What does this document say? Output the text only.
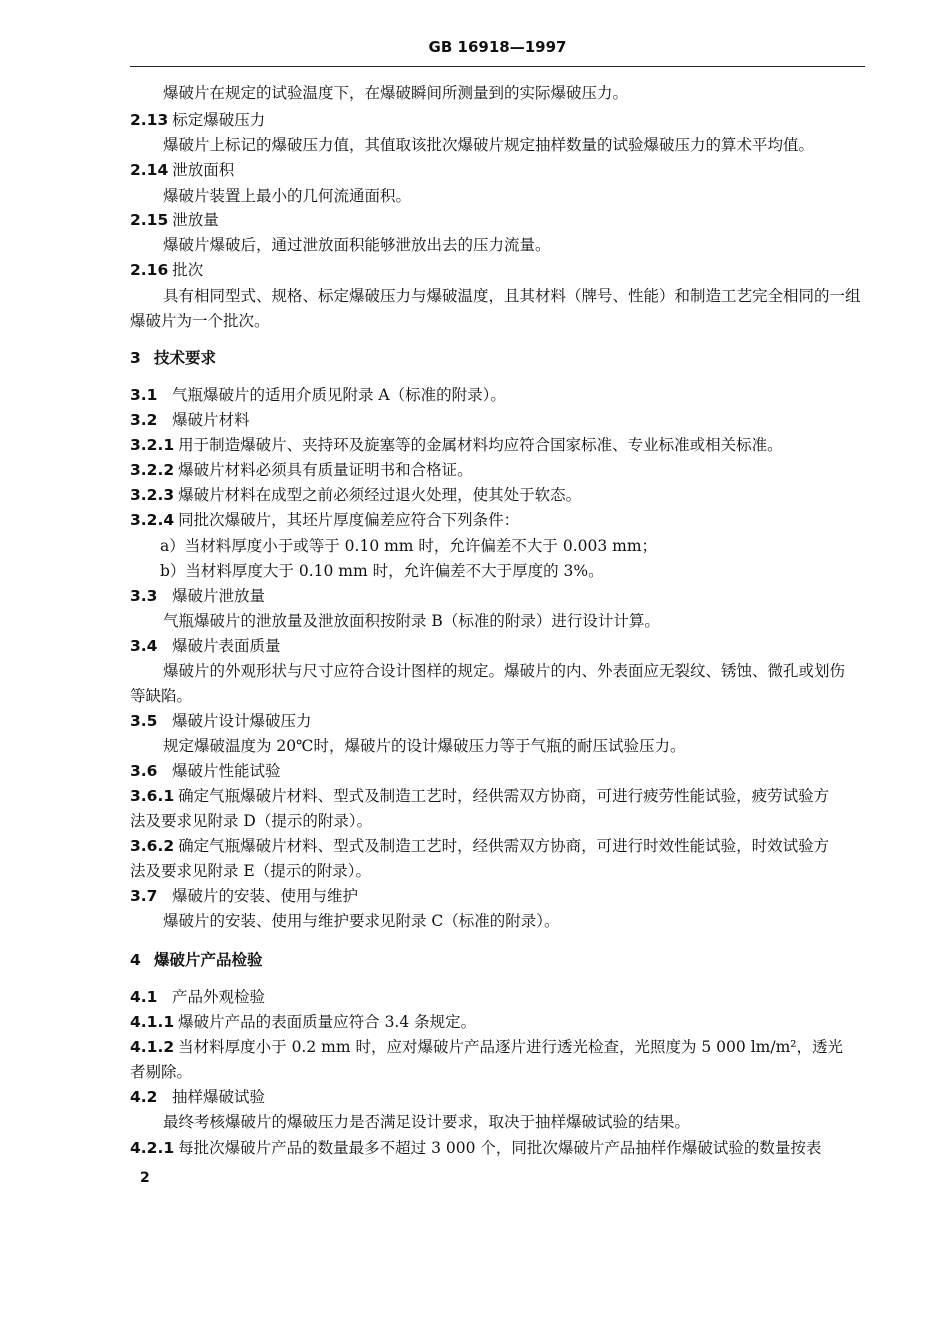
GB 16918—1997
爆破片在规定的试验温度下，在爆破瞬间所测量到的实际爆破压力。
2.13 标定爆破压力
爆破片上标记的爆破压力值，其值取该批次爆破片规定抽样数量的试验爆破压力的算术平均值。
2.14 泄放面积
爆破片装置上最小的几何流通面积。
2.15 泄放量
爆破片爆破后，通过泄放面积能够泄放出去的压力流量。
2.16 批次
具有相同型式、规格、标定爆破压力与爆破温度，且其材料（牌号、性能）和制造工艺完全相同的一组
爆破片为一个批次。
3 技术要求
3.1 气瓶爆破片的适用介质见附录 A（标准的附录）。
3.2 爆破片材料
3.2.1 用于制造爆破片、夹持环及旋塞等的金属材料均应符合国家标准、专业标准或相关标准。
3.2.2 爆破片材料必须具有质量证明书和合格证。
3.2.3 爆破片材料在成型之前必须经过退火处理，使其处于软态。
3.2.4 同批次爆破片，其坯片厚度偏差应符合下列条件：
a）当材料厚度小于或等于 0.10 mm 时，允许偏差不大于 0.003 mm；
b）当材料厚度大于 0.10 mm 时，允许偏差不大于厚度的 3%。
3.3 爆破片泄放量
气瓶爆破片的泄放量及泄放面积按附录 B（标准的附录）进行设计计算。
3.4 爆破片表面质量
爆破片的外观形状与尺寸应符合设计图样的规定。爆破片的内、外表面应无裂纹、锈蚀、微孔或划伤
等缺陷。
3.5 爆破片设计爆破压力
规定爆破温度为 20℃时，爆破片的设计爆破压力等于气瓶的耐压试验压力。
3.6 爆破片性能试验
3.6.1 确定气瓶爆破片材料、型式及制造工艺时，经供需双方协商，可进行疲劳性能试验，疲劳试验方
法及要求见附录 D（提示的附录）。
3.6.2 确定气瓶爆破片材料、型式及制造工艺时，经供需双方协商，可进行时效性能试验，时效试验方
法及要求见附录 E（提示的附录）。
3.7 爆破片的安装、使用与维护
爆破片的安装、使用与维护要求见附录 C（标准的附录）。
4 爆破片产品检验
4.1 产品外观检验
4.1.1 爆破片产品的表面质量应符合 3.4 条规定。
4.1.2 当材料厚度小于 0.2 mm 时，应对爆破片产品逐片进行透光检查，光照度为 5 000 lm/m²，透光
者剔除。
4.2 抽样爆破试验
最终考核爆破片的爆破压力是否满足设计要求，取决于抽样爆破试验的结果。
4.2.1 每批次爆破片产品的数量最多不超过 3 000 个，同批次爆破片产品抽样作爆破试验的数量按表
2
